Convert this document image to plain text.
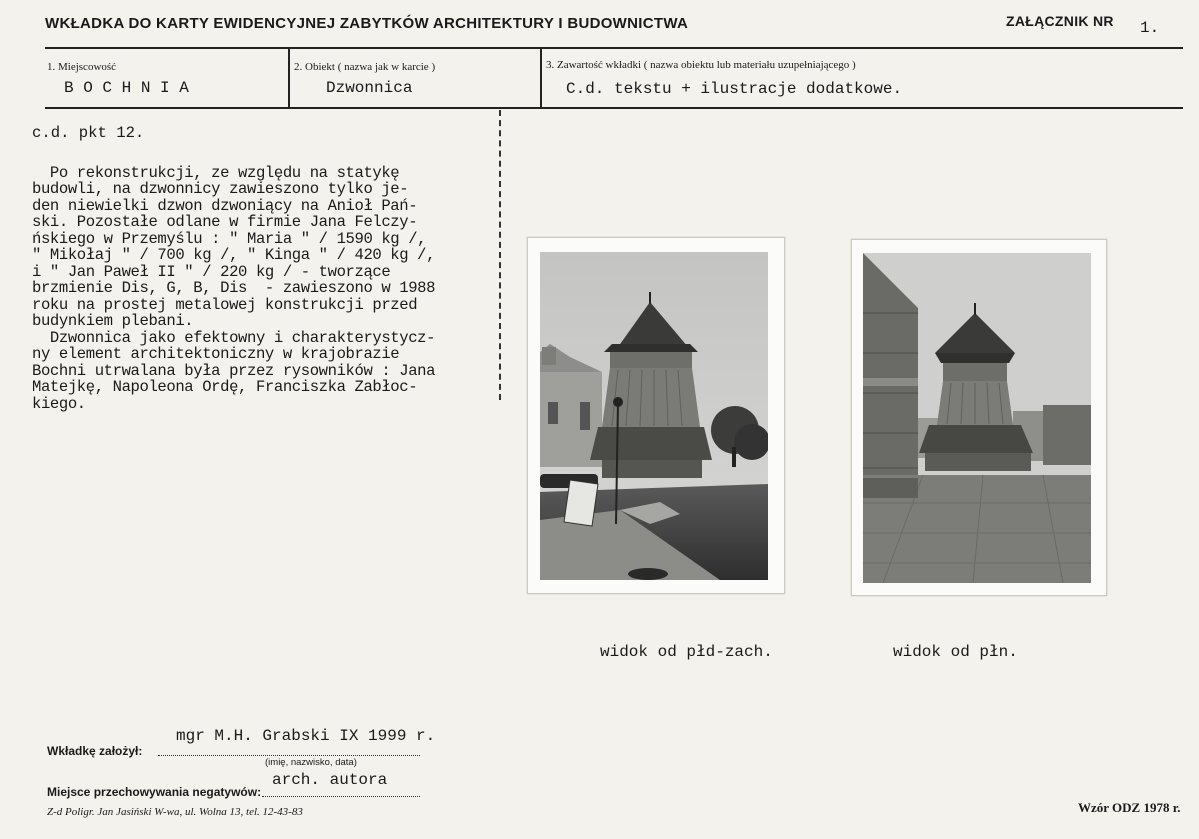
WKŁADKA DO KARTY EWIDENCYJNEJ ZABYTKÓW ARCHITEKTURY I BUDOWNICTWA	ZAŁĄCZNIK NR 1.
1. Miejscowość
B O C H N I A
2. Obiekt ( nazwa jak w karcie )
Dzwonnica
3. Zawartość wkładki ( nazwa obiektu lub materiału uzupełniającego )
C.d. tekstu + ilustracje dodatkowe.
c.d. pkt 12.

Po rekonstrukcji, ze względu na statykę
budowli, na dzwonnicy zawieszono tylko je-
den niewielki dzwon dzwoniący na Anioł Pań-
ski. Pozostałe odlane w firmie Jana Felczy-
ńskiego w Przemyślu : " Maria " / 1590 kg /,
" Mikołaj " / 700 kg /, " Kinga " / 420 kg /,
i " Jan Paweł II " / 220 kg / - tworzące
brzmienie Dis, G, B, Dis  - zawieszono w 1988
roku na prostej metalowej konstrukcji przed
budynkiem plebani.
Dzwonnica jako efektowny i charakterystycz-
ny element architektoniczny w krajobrazie
Bochni utrwalana była przez rysowników : Jana
Matejkę, Napoleona Ordę, Franciszka Zabłoc-
kiego.

widok od płd-zach.	widok od płn.
mgr M.H. Grabski IX 1999 r.
Wkładkę założył:
(imię, nazwisko, data)
arch. autora
Miejsce przechowywania negatywów:
Z-d Poligr. Jan Jasiński W-wa, ul. Wolna 13, tel. 12-43-83	Wzór ODZ 1978 r.
